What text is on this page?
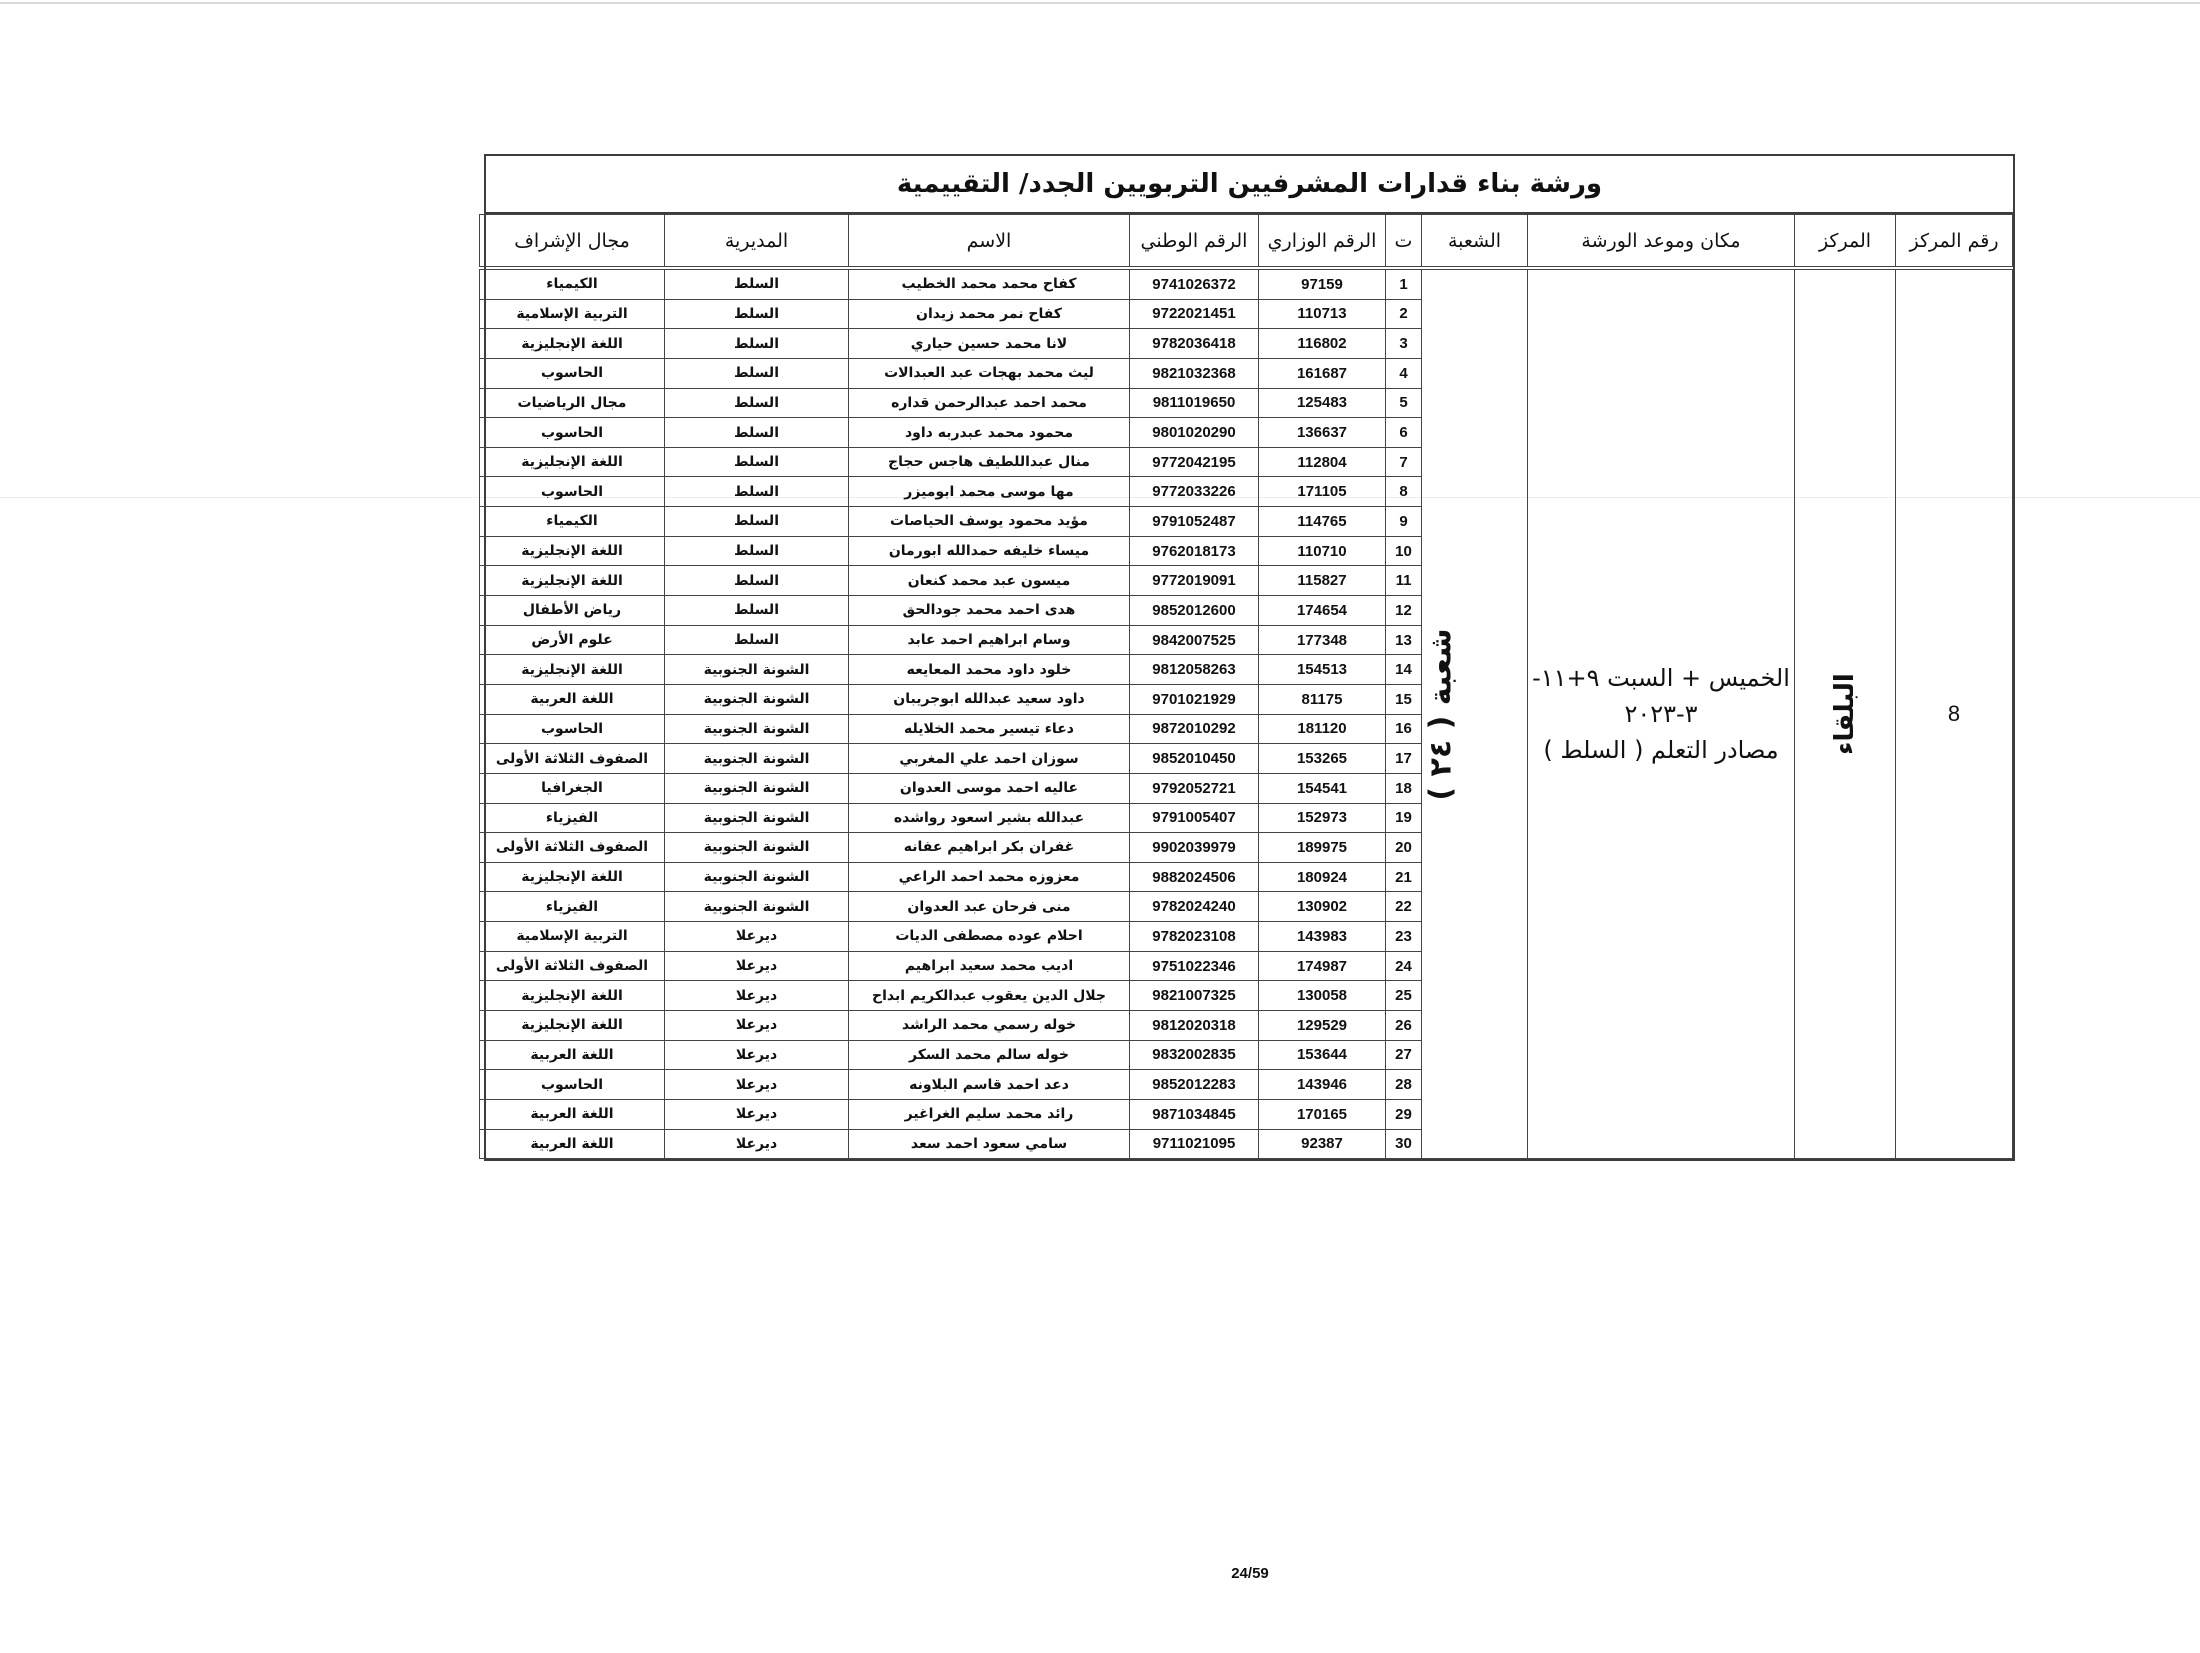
ورشة بناء قدارات المشرفيين التربويين الجدد/ التقييمية
رقم المركز	المركز	مكان وموعد الورشة	الشعبة	ت	الرقم الوزاري	الرقم الوطني	الاسم	المديرية	مجال الإشراف
8	البلقاء	الخميس + السبت ٩+١١-
٣-٢٠٢٣
مصادر التعلم ( السلط )	شعبة ( ٢٤ )	1	97159	9741026372	كفاح محمد محمد الخطيب	السلط	الكيمياء
				2	110713	9722021451	كفاح نمر محمد زيدان	السلط	التربية الإسلامية
				3	116802	9782036418	لانا محمد حسين حياري	السلط	اللغة الإنجليزية
				4	161687	9821032368	ليث محمد بهجات عبد العبدالات	السلط	الحاسوب
				5	125483	9811019650	محمد احمد عبدالرحمن قداره	السلط	مجال الرياضيات
				6	136637	9801020290	محمود محمد عبدربه داود	السلط	الحاسوب
				7	112804	9772042195	منال عبداللطيف هاجس حجاج	السلط	اللغة الإنجليزية
				8	171105	9772033226	مها موسى محمد ابوميزر	السلط	الحاسوب
				9	114765	9791052487	مؤيد محمود يوسف الحياصات	السلط	الكيمياء
				10	110710	9762018173	ميساء خليفه حمدالله ابورمان	السلط	اللغة الإنجليزية
				11	115827	9772019091	ميسون عبد محمد كنعان	السلط	اللغة الإنجليزية
				12	174654	9852012600	هدى احمد محمد جودالحق	السلط	رياض الأطفال
				13	177348	9842007525	وسام ابراهيم احمد عابد	السلط	علوم الأرض
				14	154513	9812058263	خلود داود محمد المعايعه	الشونة الجنوبية	اللغة الإنجليزية
				15	81175	9701021929	داود سعيد عبدالله ابوجريبان	الشونة الجنوبية	اللغة العربية
				16	181120	9872010292	دعاء تيسير محمد الخلايله	الشونة الجنوبية	الحاسوب
				17	153265	9852010450	سوزان احمد علي المغربي	الشونة الجنوبية	الصفوف الثلاثة الأولى
				18	154541	9792052721	عاليه احمد موسى العدوان	الشونة الجنوبية	الجغرافيا
				19	152973	9791005407	عبدالله بشير اسعود رواشده	الشونة الجنوبية	الفيزياء
				20	189975	9902039979	غفران بكر ابراهيم عفانه	الشونة الجنوبية	الصفوف الثلاثة الأولى
				21	180924	9882024506	معزوزه محمد احمد الراعي	الشونة الجنوبية	اللغة الإنجليزية
				22	130902	9782024240	منى فرحان عبد العدوان	الشونة الجنوبية	الفيزياء
				23	143983	9782023108	احلام عوده مصطفى الديات	ديرعلا	التربية الإسلامية
				24	174987	9751022346	اديب محمد سعيد ابراهيم	ديرعلا	الصفوف الثلاثة الأولى
				25	130058	9821007325	جلال الدين يعقوب عبدالكريم ابداح	ديرعلا	اللغة الإنجليزية
				26	129529	9812020318	خوله رسمي محمد الراشد	ديرعلا	اللغة الإنجليزية
				27	153644	9832002835	خوله سالم محمد السكر	ديرعلا	اللغة العربية
				28	143946	9852012283	دعد احمد قاسم البلاونه	ديرعلا	الحاسوب
				29	170165	9871034845	رائد محمد سليم الغراغير	ديرعلا	اللغة العربية
				30	92387	9711021095	سامي سعود احمد سعد	ديرعلا	اللغة العربية
24/59
